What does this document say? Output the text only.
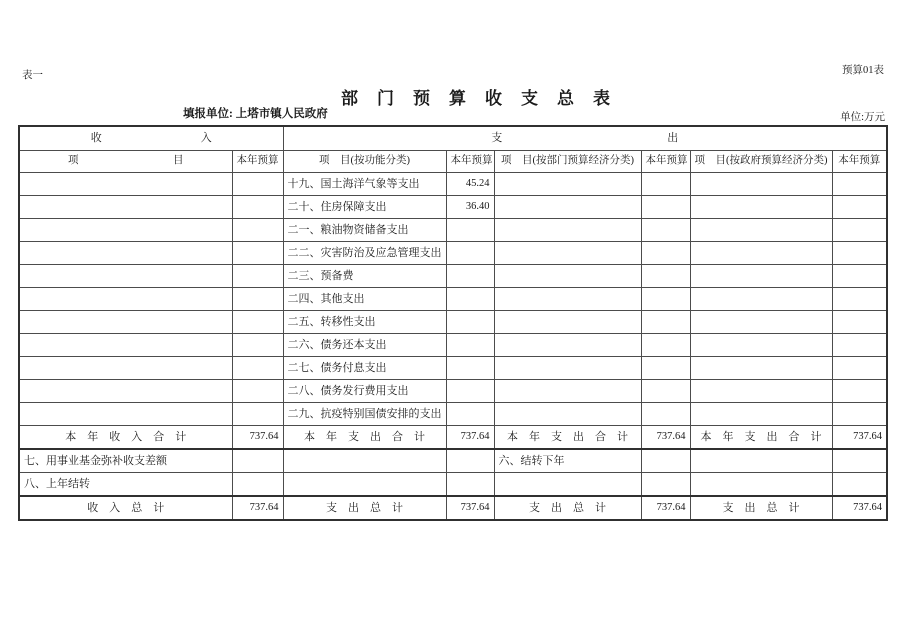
表一	预算01表
部　门　预　算　收　支　总　表
填报单位: 上塔市镇人民政府	单位:万元
收　　　　　　　　　入		支　　　　　　　　　　　　　　　出					
项　　　　　　　　　目	本年预算	项　目(按功能分类)	本年预算	项　目(按部门预算经济分类)	本年预算	项　目(按政府预算经济分类)	本年预算
		十九、国土海洋气象等支出	45.24				
		二十、住房保障支出	36.40				
		二一、粮油物资储备支出					
		二二、灾害防治及应急管理支出					
		二三、预备费					
		二四、其他支出					
		二五、转移性支出					
		二六、债务还本支出					
		二七、债务付息支出					
		二八、债务发行费用支出					
		二九、抗疫特别国债安排的支出					
本　年　收　入　合　计	737.64	本　年　支　出　合　计	737.64	本　年　支　出　合　计	737.64	本　年　支　出　合　计	737.64
七、用事业基金弥补收支差额				六、结转下年			
八、上年结转							
收　入　总　计	737.64	支　出　总　计	737.64	支　出　总　计	737.64	支　出　总　计	737.64
